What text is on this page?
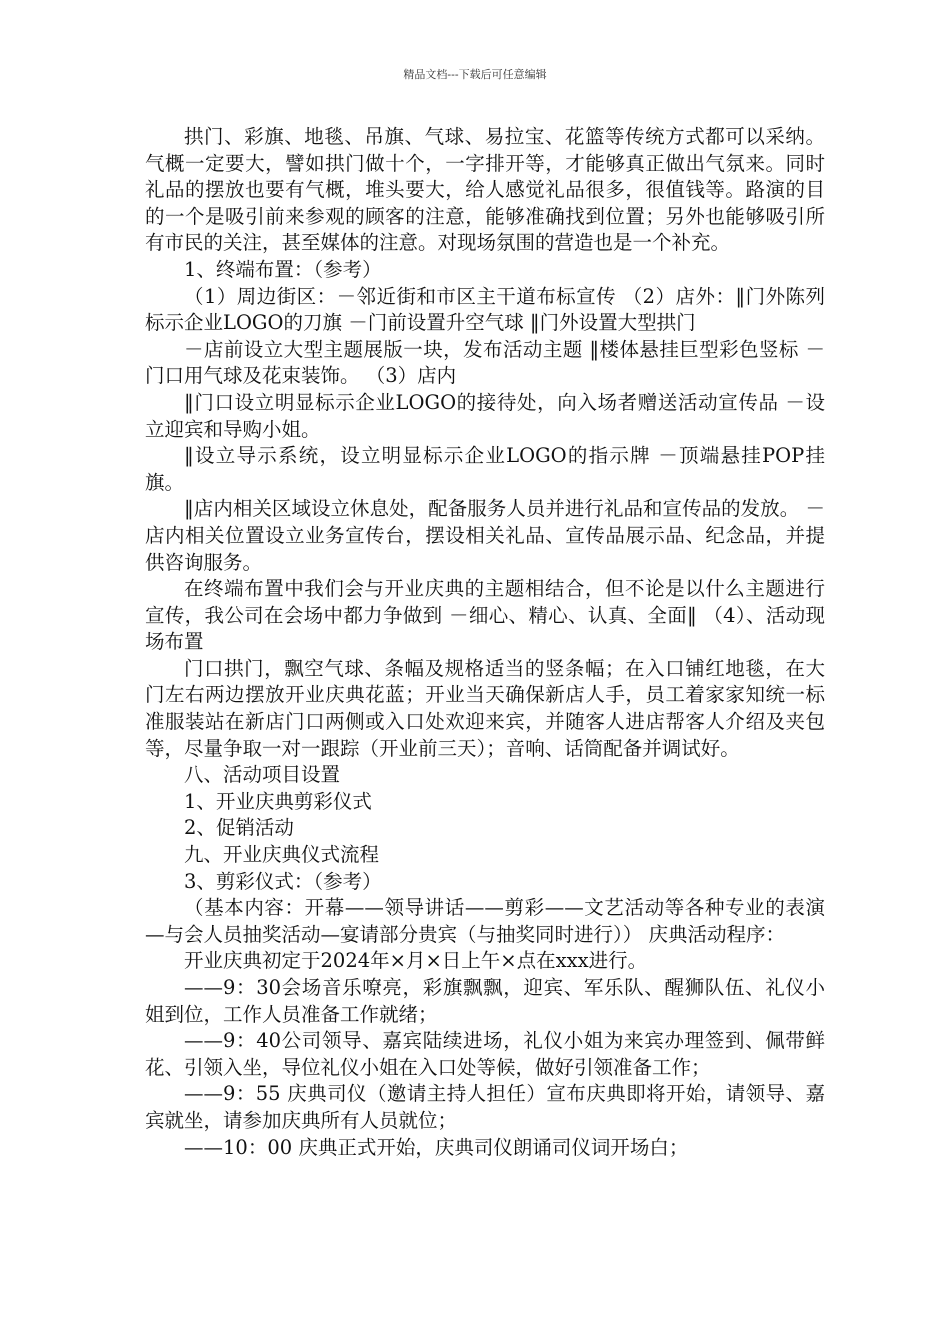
精品文档---下载后可任意编辑

拱门、彩旗、地毯、吊旗、气球、易拉宝、花篮等传统方式都可以采纳。气概一定要大，譬如拱门做十个，一字排开等，才能够真正做出气氛来。同时礼品的摆放也要有气概，堆头要大，给人感觉礼品很多，很值钱等。路演的目的一个是吸引前来参观的顾客的注意，能够准确找到位置；另外也能够吸引所有市民的关注，甚至媒体的注意。对现场氛围的营造也是一个补充。

1、终端布置：（参考）

（1）周边街区：－邻近街和市区主干道布标宣传 （2）店外：‖门外陈列标示企业LOGO的刀旗 －门前设置升空气球 ‖门外设置大型拱门

－店前设立大型主题展版一块，发布活动主题 ‖楼体悬挂巨型彩色竖标 －门口用气球及花束装饰。 （3）店内

‖门口设立明显标示企业LOGO的接待处，向入场者赠送活动宣传品 －设立迎宾和导购小姐。

‖设立导示系统，设立明显标示企业LOGO的指示牌 －顶端悬挂POP挂旗。

‖店内相关区域设立休息处，配备服务人员并进行礼品和宣传品的发放。 －店内相关位置设立业务宣传台，摆设相关礼品、宣传品展示品、纪念品，并提供咨询服务。

在终端布置中我们会与开业庆典的主题相结合，但不论是以什么主题进行宣传，我公司在会场中都力争做到 －细心、精心、认真、全面‖ （4）、活动现场布置

门口拱门，飘空气球、条幅及规格适当的竖条幅；在入口铺红地毯，在大门左右两边摆放开业庆典花蓝；开业当天确保新店人手，员工着家家知统一标准服装站在新店门口两侧或入口处欢迎来宾，并随客人进店帮客人介绍及夹包等，尽量争取一对一跟踪（开业前三天）；音响、话筒配备并调试好。

八、活动项目设置

1、开业庆典剪彩仪式

2、促销活动

九、开业庆典仪式流程

3、剪彩仪式：（参考）

（基本内容：开幕——领导讲话——剪彩——文艺活动等各种专业的表演—与会人员抽奖活动—宴请部分贵宾（与抽奖同时进行）） 庆典活动程序：

开业庆典初定于2024年×月×日上午×点在xxx进行。

——9：30会场音乐嘹亮，彩旗飘飘，迎宾、军乐队、醒狮队伍、礼仪小姐到位，工作人员准备工作就绪；

——9：40公司领导、嘉宾陆续进场，礼仪小姐为来宾办理签到、佩带鲜花、引领入坐，导位礼仪小姐在入口处等候，做好引领准备工作；

——9：55 庆典司仪（邀请主持人担任）宣布庆典即将开始，请领导、嘉宾就坐，请参加庆典所有人员就位；

——10：00 庆典正式开始，庆典司仪朗诵司仪词开场白；
